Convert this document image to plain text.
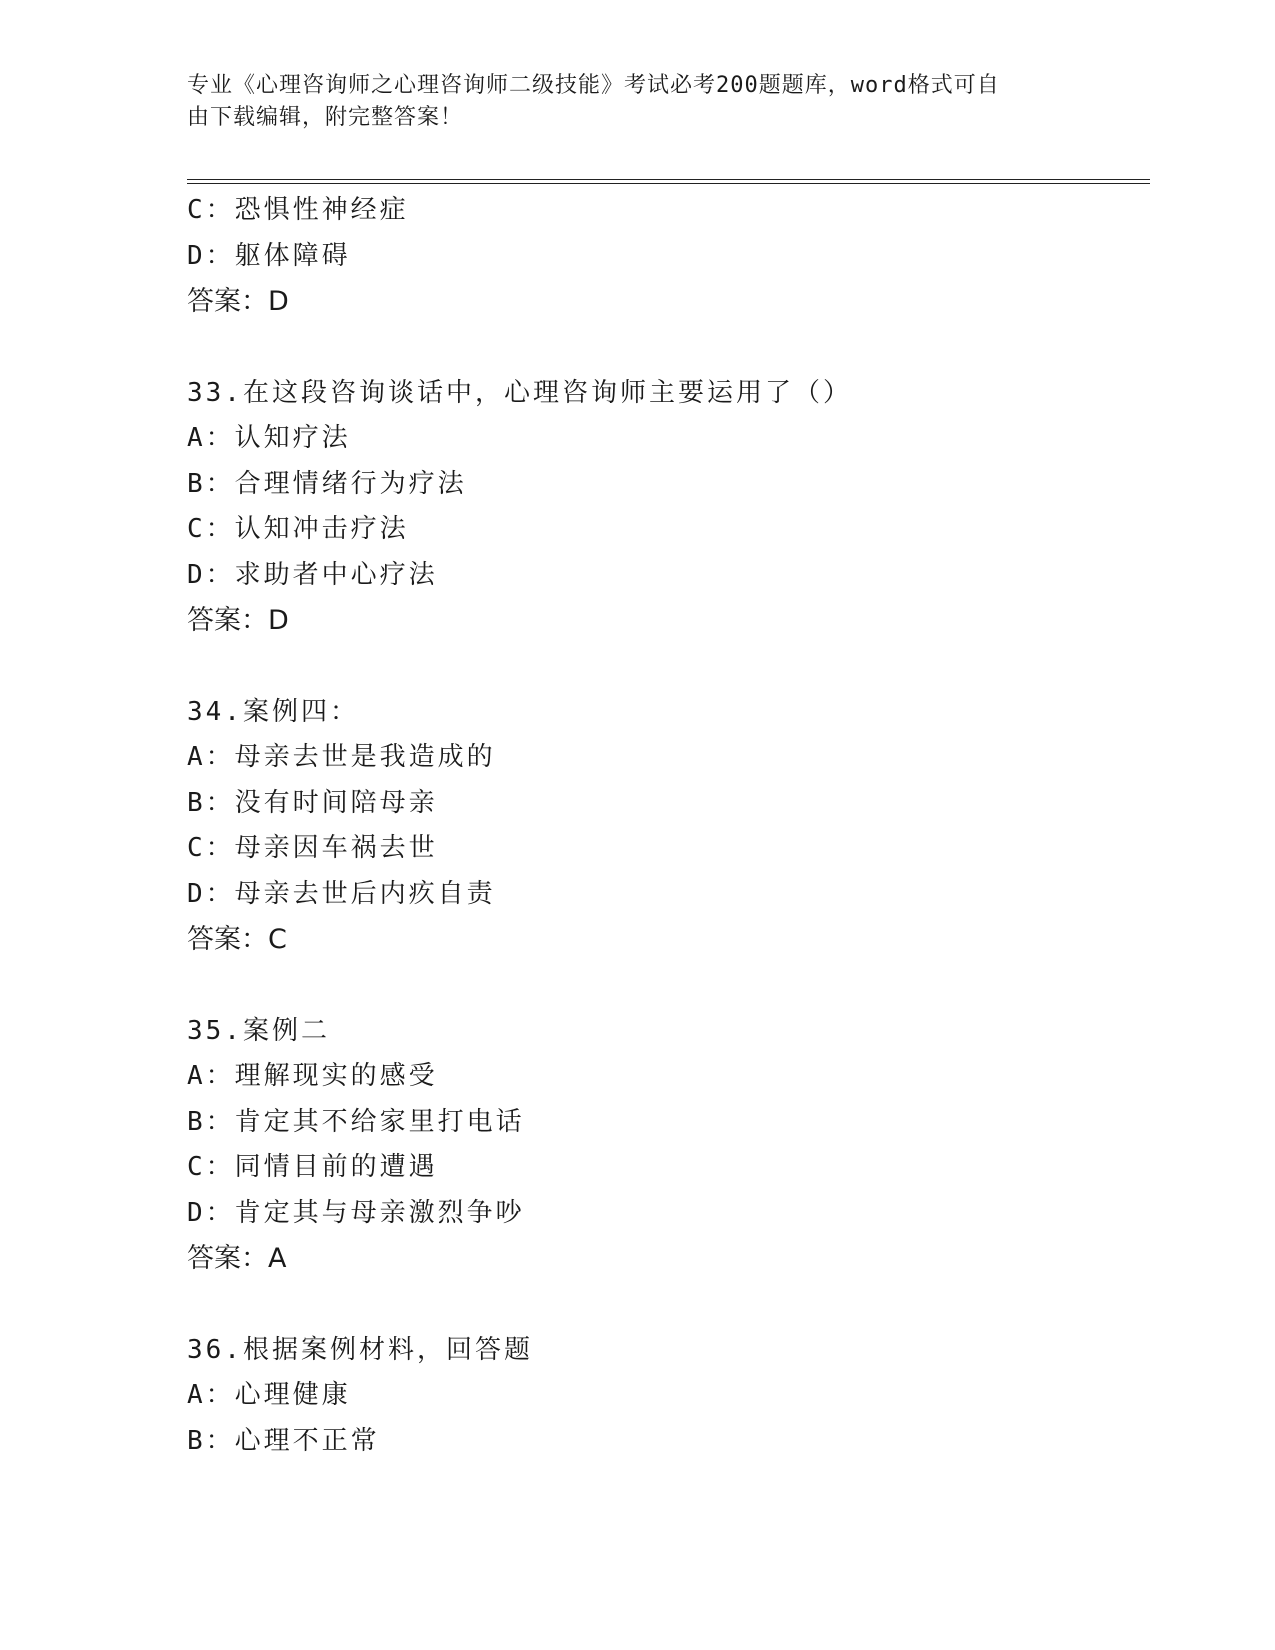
专业《心理咨询师之心理咨询师二级技能》考试必考200题题库，word格式可自
由下载编辑，附完整答案！
C：恐惧性神经症
D：躯体障碍
答案：D
33.在这段咨询谈话中，心理咨询师主要运用了（）
A：认知疗法
B：合理情绪行为疗法
C：认知冲击疗法
D：求助者中心疗法
答案：D
34.案例四：
A：母亲去世是我造成的
B：没有时间陪母亲
C：母亲因车祸去世
D：母亲去世后内疚自责
答案：C
35.案例二
A：理解现实的感受
B：肯定其不给家里打电话
C：同情目前的遭遇
D：肯定其与母亲激烈争吵
答案：A
36.根据案例材料，回答题
A：心理健康
B：心理不正常
